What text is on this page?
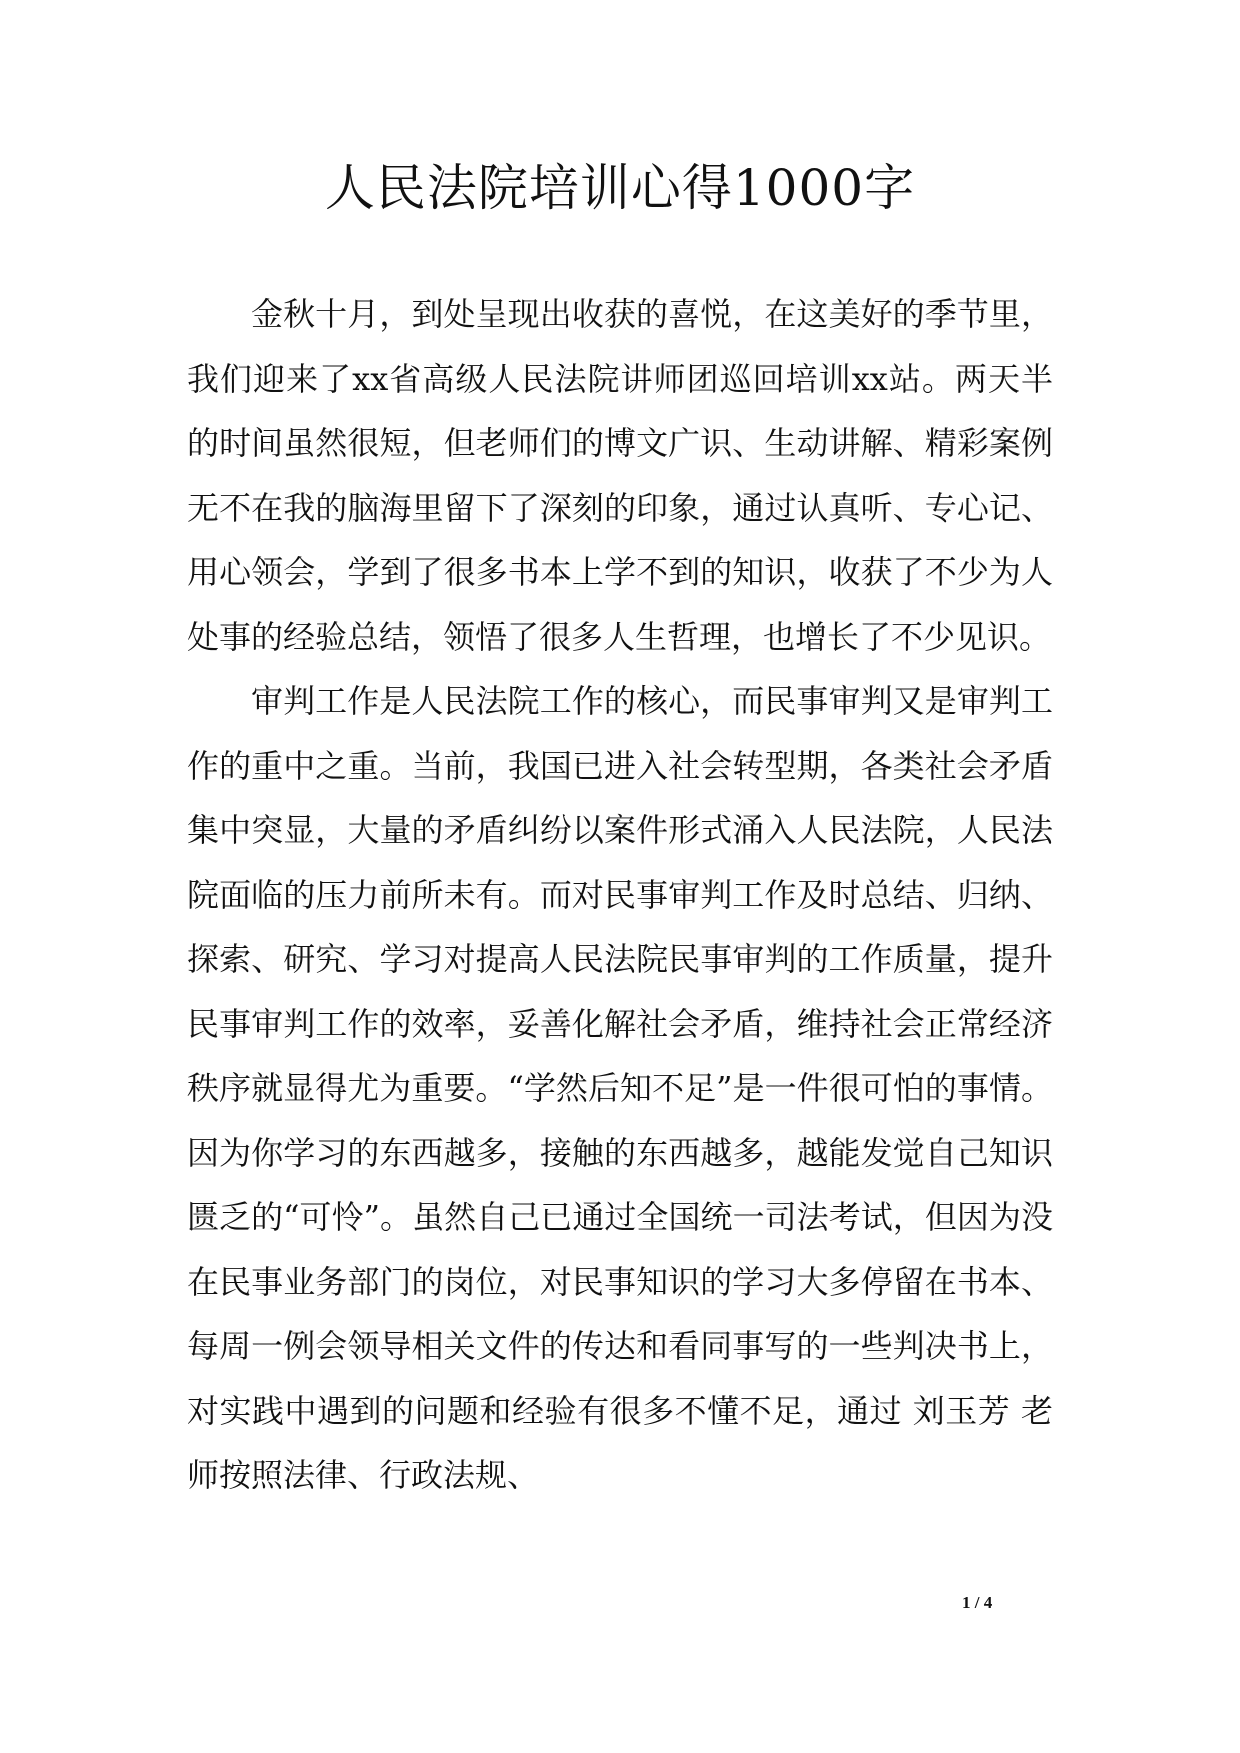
人民法院培训心得1000字

金秋十月，到处呈现出收获的喜悦，在这美好的季节里，我们迎来了xx省高级人民法院讲师团巡回培训xx站。两天半的时间虽然很短，但老师们的博文广识、生动讲解、精彩案例无不在我的脑海里留下了深刻的印象，通过认真听、专心记、用心领会，学到了很多书本上学不到的知识，收获了不少为人处事的经验总结，领悟了很多人生哲理，也增长了不少见识。

审判工作是人民法院工作的核心，而民事审判又是审判工作的重中之重。当前，我国已进入社会转型期，各类社会矛盾集中突显，大量的矛盾纠纷以案件形式涌入人民法院，人民法院面临的压力前所未有。而对民事审判工作及时总结、归纳、探索、研究、学习对提高人民法院民事审判的工作质量，提升民事审判工作的效率，妥善化解社会矛盾，维持社会正常经济秩序就显得尤为重要。“学然后知不足”是一件很可怕的事情。因为你学习的东西越多，接触的东西越多，越能发觉自己知识匮乏的“可怜”。虽然自己已通过全国统一司法考试，但因为没在民事业务部门的岗位，对民事知识的学习大多停留在书本、每周一例会领导相关文件的传达和看同事写的一些判决书上，对实践中遇到的问题和经验有很多不懂不足，通过 刘玉芳 老师按照法律、行政法规、

1 / 4
